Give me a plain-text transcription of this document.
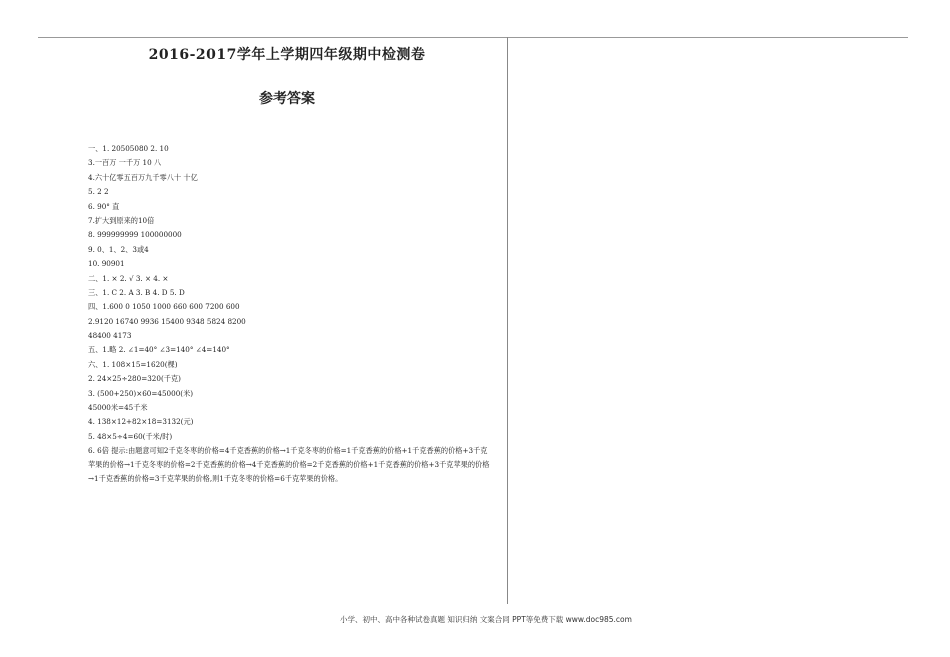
2016-2017学年上学期四年级期中检测卷
参考答案
一、1. 20505080 2. 10
3.一百万 一千万 10 八
4.六十亿零五百万九千零八十 十亿
5. 2 2
6. 90° 直
7.扩大到原来的10倍
8. 999999999 100000000
9. 0、1、2、3或4
10. 90901
二、1. × 2. √ 3. × 4. ×
三、1. C 2. A 3. B 4. D 5. D
四、1.600 0 1050 1000 660 600 7200 600
2.9120 16740 9936 15400 9348 5824 8200
48400 4173
五、1.略 2. ∠1=40° ∠3=140° ∠4=140°
六、1. 108×15=1620(棵)
2. 24×25÷280=320(千克)
3. (500+250)×60=45000(米)
45000米=45千米
4. 138×12+82×18=3132(元)
5. 48×5÷4=60(千米/时)
6. 6倍 提示:由题意可知2千克冬枣的价格=4千克香蕉的价格→1千克冬枣的价格=1千克香蕉的价格+1千克香蕉的价格+3千克苹果的价格→1千克冬枣的价格=2千克香蕉的价格→4千克香蕉的价格=2千克香蕉的价格+1千克香蕉的价格+3千克苹果的价格→1千克香蕉的价格=3千克苹果的价格,则1千克冬枣的价格=6千克苹果的价格。
小学、初中、高中各种试卷真题 知识归纳 文案合同 PPT等免费下载 www.doc985.com
